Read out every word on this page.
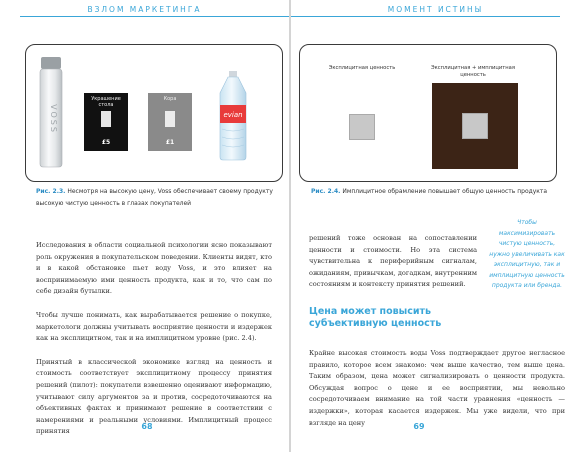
ВЗЛОМ МАРКЕТИНГА
VOSS
Украшение стола
£5
Кора
£1
evian
Рис. 2.3. Несмотря на высокую цену, Voss обеспечивает своему продукту высокую чистую ценность в глазах покупателей

Исследования в области социальной психологии ясно показывают роль окружения в покупательском поведении. Клиенты видят, кто и в какой обстановке пьет воду Voss, и это влияет на воспринимаемую ими ценность продукта, как и то, что сам по себе дизайн бутылки.

Чтобы лучше понимать, как вырабатывается решение о покупке, маркетологи должны учитывать восприятие ценности и издержек как на эксплицитном, так и на имплицитном уровне (рис. 2.4).

Принятый в классической экономике взгляд на ценность и стоимость соответствует эксплицитному процессу принятия решений (пилот): покупатели взвешенно оценивают информацию, учитывают силу аргументов за и против, сосредоточиваются на объективных фактах и принимают решение в соответствии с намерениями и реальными условиями. Имплицитный процесс принятия

68
МОМЕНТ ИСТИНЫ
Эксплицитная ценность	Эксплицитная + имплицитная ценность
Рис. 2.4. Имплицитное обрамление повышает общую ценность продукта

решений тоже основан на сопоставлении ценности и стоимости. Но эта система чувствительна к периферийным сигналам, ожиданиям, привычкам, догадкам, внутренним состояниям и контексту принятия решений.

Чтобы максимизировать чистую ценность, нужно увеличивать как эксплицитную, так и имплицитную ценность продукта или бренда.
Цена может повысить субъективную ценность

Крайне высокая стоимость воды Voss подтверждает другое негласное правило, которое всем знакомо: чем выше качество, тем выше цена. Таким образом, цена может сигнализировать о ценности продукта. Обсуждая вопрос о цене и ее восприятии, мы невольно сосредоточиваем внимание на той части уравнения «ценность — издержки», которая касается издержек. Мы уже видели, что при взгляде на цену	69
